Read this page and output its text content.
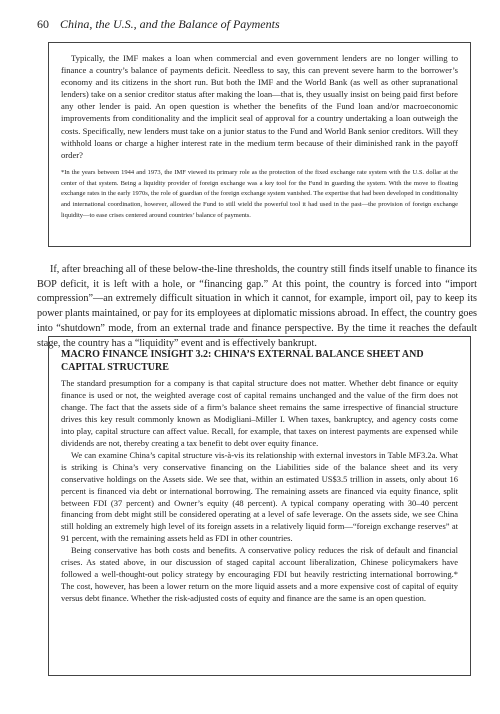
60 China, the U.S., and the Balance of Payments

Typically, the IMF makes a loan when commercial and even government lenders are no longer willing to finance a country’s balance of payments deficit. Needless to say, this can prevent severe harm to the borrower’s economy and its citizens in the short run. But both the IMF and the World Bank (as well as other supranational lenders) take on a senior creditor status after making the loan—that is, they usually insist on being paid first before any other lender is paid. An open question is whether the benefits of the Fund loan and/or macroeconomic improvements from conditionality and the implicit seal of approval for a country undertaking a loan outweigh the costs. Specifically, new lenders must take on a junior status to the Fund and World Bank senior creditors. Will they withhold loans or charge a higher interest rate in the medium term because of their diminished rank in the payoff order?

*In the years between 1944 and 1973, the IMF viewed its primary role as the protection of the fixed exchange rate system with the U.S. dollar at the center of that system. Being a liquidity provider of foreign exchange was a key tool for the Fund in guarding the system. With the move to floating exchange rates in the early 1970s, the role of guardian of the foreign exchange system vanished. The expertise that had been developed in conditionality and international coordination, however, allowed the Fund to still wield the powerful tool it had used in the past—the provision of foreign exchange liquidity—to ease crises centered around countries’ balance of payments.

If, after breaching all of these below-the-line thresholds, the country still finds itself unable to finance its BOP deficit, it is left with a hole, or “financing gap.” At this point, the country is forced into “import compression”—an extremely difficult situation in which it cannot, for example, import oil, pay to keep its power plants maintained, or pay for its employees at diplomatic missions abroad. In effect, the country goes into “shutdown” mode, from an external trade and finance perspective. By the time it reaches the default stage, the country has a “liquidity” event and is effectively bankrupt.

MACRO FINANCE INSIGHT 3.2: CHINA’S EXTERNAL BALANCE SHEET AND CAPITAL STRUCTURE

The standard presumption for a company is that capital structure does not matter. Whether debt finance or equity finance is used or not, the weighted average cost of capital remains unchanged and the value of the firm does not change. The fact that the assets side of a firm’s balance sheet remains the same irrespective of financial structure drives this key result commonly known as Modigliani–Miller I. When taxes, bankruptcy, and agency costs come into play, capital structure can affect value. Recall, for example, that taxes on interest payments are expensed while dividends are not, thereby creating a tax benefit to debt over equity finance.

We can examine China’s capital structure vis-à-vis its relationship with external investors in Table MF3.2a. What is striking is China’s very conservative financing on the Liabilities side of the balance sheet and its very conservative holdings on the Assets side. We see that, within an estimated US$3.5 trillion in assets, only about 16 percent is financed via debt or international borrowing. The remaining assets are financed via equity finance, split between FDI (37 percent) and Owner’s equity (48 percent). A typical company operating with 30–40 percent financing from debt might still be considered operating at a level of safe leverage. On the assets side, we see China still holding an extremely high level of its foreign assets in a relatively liquid form—“foreign exchange reserves” at 91 percent, with the remaining assets held as FDI in other countries.

Being conservative has both costs and benefits. A conservative policy reduces the risk of default and financial crises. As stated above, in our discussion of staged capital account liberalization, Chinese policymakers have followed a well-thought-out policy strategy by encouraging FDI but heavily restricting international borrowing.* The cost, however, has been a lower return on the more liquid assets and a more expensive cost of capital of equity versus debt finance. Whether the risk-adjusted costs of equity and finance are the same is an open question.
